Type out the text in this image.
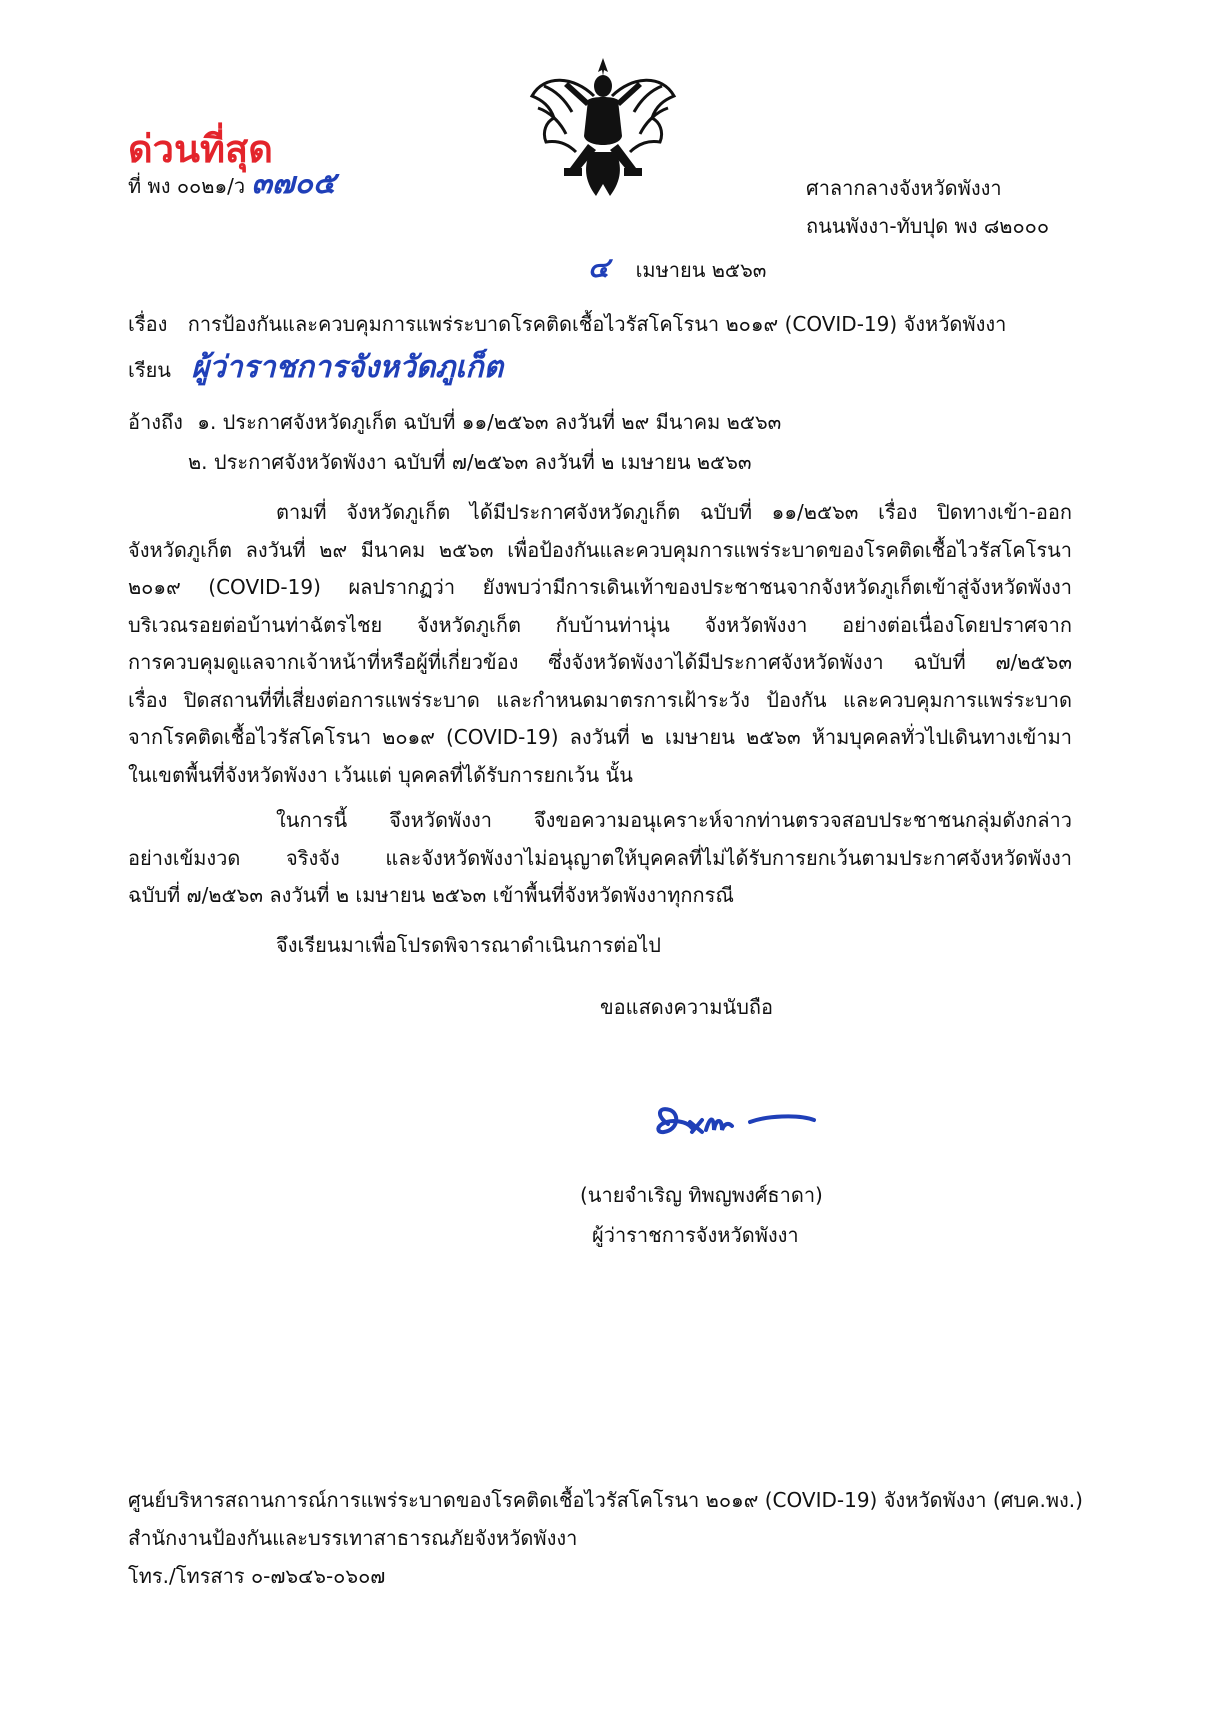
ด่วนที่สุด
ที่ พง ๐๐๒๑/ว ๓๗๐๕	ศาลากลางจังหวัดพังงา
ถนนพังงา-ทับปุด พง ๘๒๐๐๐
๔ เมษายน ๒๕๖๓
เรื่อง การป้องกันและควบคุมการแพร่ระบาดโรคติดเชื้อไวรัสโคโรนา ๒๐๑๙ (COVID-19) จังหวัดพังงา
เรียน ผู้ว่าราชการจังหวัดภูเก็ต
อ้างถึง ๑. ประกาศจังหวัดภูเก็ต ฉบับที่ ๑๑/๒๕๖๓ ลงวันที่ ๒๙ มีนาคม ๒๕๖๓
๒. ประกาศจังหวัดพังงา ฉบับที่ ๗/๒๕๖๓ ลงวันที่ ๒ เมษายน ๒๕๖๓
ตามที่ จังหวัดภูเก็ต ได้มีประกาศจังหวัดภูเก็ต ฉบับที่ ๑๑/๒๕๖๓ เรื่อง ปิดทางเข้า-ออก
จังหวัดภูเก็ต ลงวันที่ ๒๙ มีนาคม ๒๕๖๓ เพื่อป้องกันและควบคุมการแพร่ระบาดของโรคติดเชื้อไวรัสโคโรนา
๒๐๑๙ (COVID-19) ผลปรากฏว่า ยังพบว่ามีการเดินเท้าของประชาชนจากจังหวัดภูเก็ตเข้าสู่จังหวัดพังงา
บริเวณรอยต่อบ้านท่าฉัตรไชย จังหวัดภูเก็ต กับบ้านท่านุ่น จังหวัดพังงา อย่างต่อเนื่องโดยปราศจาก
การควบคุมดูแลจากเจ้าหน้าที่หรือผู้ที่เกี่ยวข้อง ซึ่งจังหวัดพังงาได้มีประกาศจังหวัดพังงา ฉบับที่ ๗/๒๕๖๓
เรื่อง ปิดสถานที่ที่เสี่ยงต่อการแพร่ระบาด และกำหนดมาตรการเฝ้าระวัง ป้องกัน และควบคุมการแพร่ระบาด
จากโรคติดเชื้อไวรัสโคโรนา ๒๐๑๙ (COVID-19) ลงวันที่ ๒ เมษายน ๒๕๖๓ ห้ามบุคคลทั่วไปเดินทางเข้ามา
ในเขตพื้นที่จังหวัดพังงา เว้นแต่ บุคคลที่ได้รับการยกเว้น นั้น
ในการนี้ จึงหวัดพังงา จึงขอความอนุเคราะห์จากท่านตรวจสอบประชาชนกลุ่มดังกล่าว
อย่างเข้มงวด จริงจัง และจังหวัดพังงาไม่อนุญาตให้บุคคลที่ไม่ได้รับการยกเว้นตามประกาศจังหวัดพังงา
ฉบับที่ ๗/๒๕๖๓ ลงวันที่ ๒ เมษายน ๒๕๖๓ เข้าพื้นที่จังหวัดพังงาทุกกรณี
จึงเรียนมาเพื่อโปรดพิจารณาดำเนินการต่อไป
ขอแสดงความนับถือ
(นายจำเริญ ทิพญพงศ์ธาดา)
ผู้ว่าราชการจังหวัดพังงา
ศูนย์บริหารสถานการณ์การแพร่ระบาดของโรคติดเชื้อไวรัสโคโรนา ๒๐๑๙ (COVID-19) จังหวัดพังงา (ศบค.พง.)
สำนักงานป้องกันและบรรเทาสาธารณภัยจังหวัดพังงา
โทร./โทรสาร ๐-๗๖๔๖-๐๖๐๗
